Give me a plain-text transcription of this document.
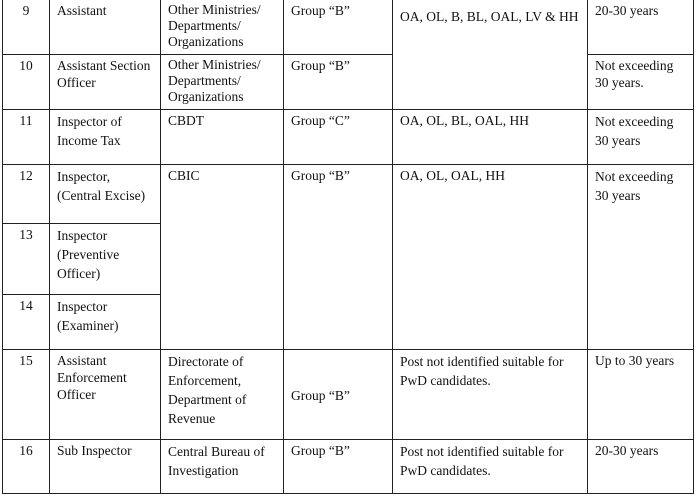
9	Assistant	Other Ministries/ Departments/ Organizations	Group “B”	OA, OL, B, BL, OAL, LV & HH	20-30 years
10	Assistant Section Officer	Other Ministries/ Departments/ Organizations	Group “B”		Not exceeding 30 years.
11	Inspector of Income Tax	CBDT	Group “C”	OA, OL, BL, OAL, HH	Not exceeding 30 years
12	Inspector, (Central Excise)	CBIC	Group “B”	OA, OL, OAL, HH	Not exceeding 30 years
13	Inspector (Preventive Officer)				
14	Inspector (Examiner)				
15	Assistant Enforcement Officer	Directorate of Enforcement, Department of Revenue	Group “B”	Post not identified suitable for PwD candidates.	Up to 30 years
16	Sub Inspector	Central Bureau of Investigation	Group “B”	Post not identified suitable for PwD candidates.	20-30 years
